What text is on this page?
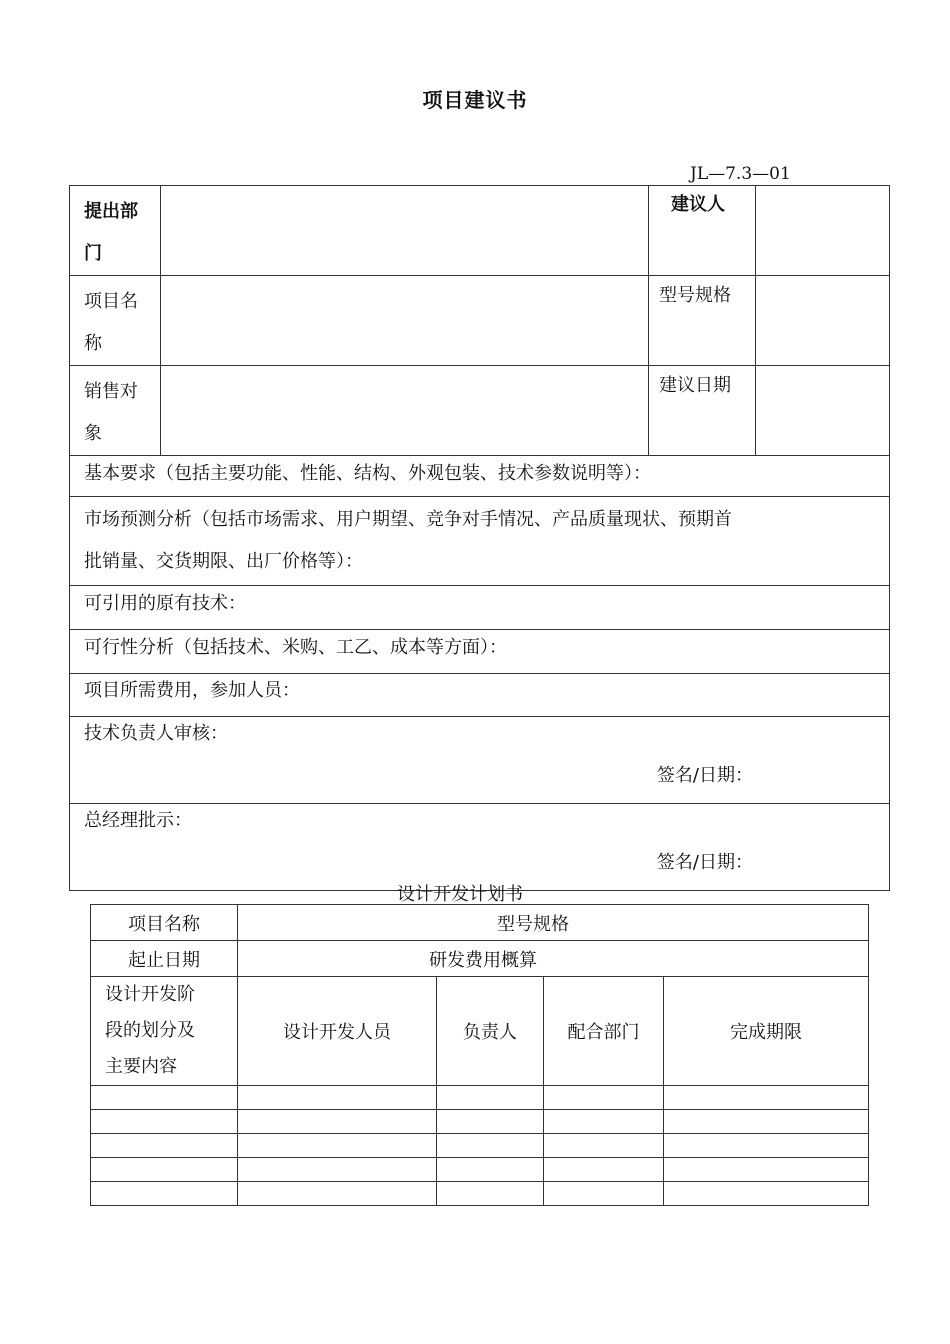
项目建议书
JL—7.3—01
提出部
门		建议人	

项目名
称		型号规格	

销售对
象		建议日期	

基本要求（包括主要功能、性能、结构、外观包装、技术参数说明等）：			

市场预测分析（包括市场需求、用户期望、竞争对手情况、产品质量现状、预期首
批销量、交货期限、出厂价格等）：			

可引用的原有技术：			

可行性分析（包括技术、米购、工乙、成本等方面）：			

项目所需费用，参加人员：			

技术负责人审核：
签名/日期：			

总经理批示：
签名/日期：			
设计开发计划书
项目名称	型号规格			
起止日期	研发费用概算			

设计开发阶
段的划分及
主要内容	设计开发人员	负责人	配合部门	完成期限
